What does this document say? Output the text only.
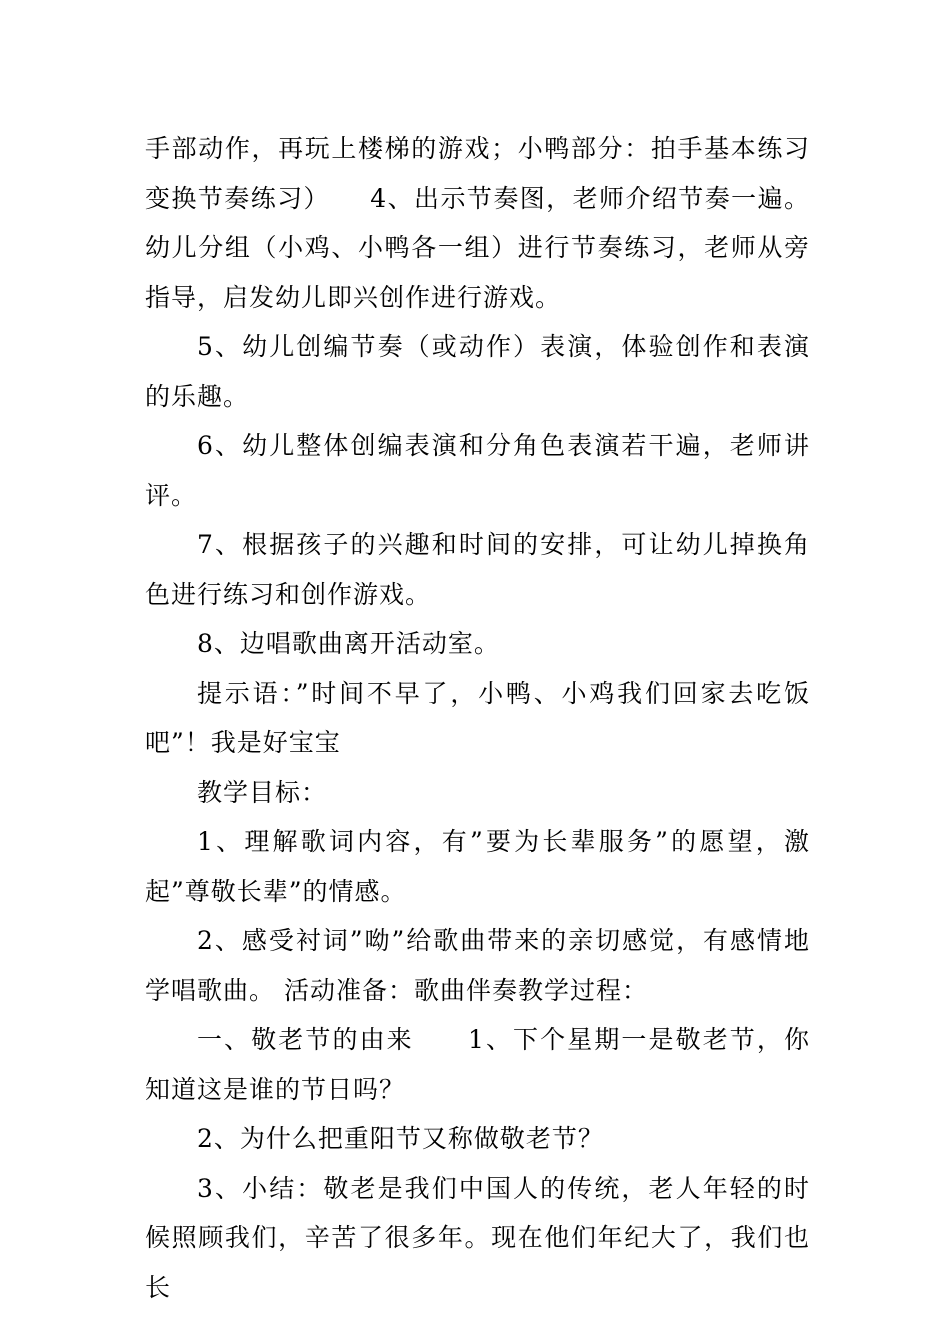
手部动作，再玩上楼梯的游戏；小鸭部分：拍手基本练习变换节奏练习）　　4、出示节奏图，老师介绍节奏一遍。幼儿分组（小鸡、小鸭各一组）进行节奏练习，老师从旁指导，启发幼儿即兴创作进行游戏。

5、幼儿创编节奏（或动作）表演，体验创作和表演的乐趣。

6、幼儿整体创编表演和分角色表演若干遍，老师讲评。

7、根据孩子的兴趣和时间的安排，可让幼儿掉换角色进行练习和创作游戏。

8、边唱歌曲离开活动室。

提示语：”时间不早了，小鸭、小鸡我们回家去吃饭吧”！我是好宝宝

教学目标：

1、理解歌词内容，有”要为长辈服务”的愿望，激起”尊敬长辈”的情感。

2、感受衬词”呦”给歌曲带来的亲切感觉，有感情地学唱歌曲。 活动准备：歌曲伴奏教学过程：

一、敬老节的由来　　1、下个星期一是敬老节，你知道这是谁的节日吗？

2、为什么把重阳节又称做敬老节？

3、小结：敬老是我们中国人的传统，老人年轻的时候照顾我们，辛苦了很多年。现在他们年纪大了，我们也长
